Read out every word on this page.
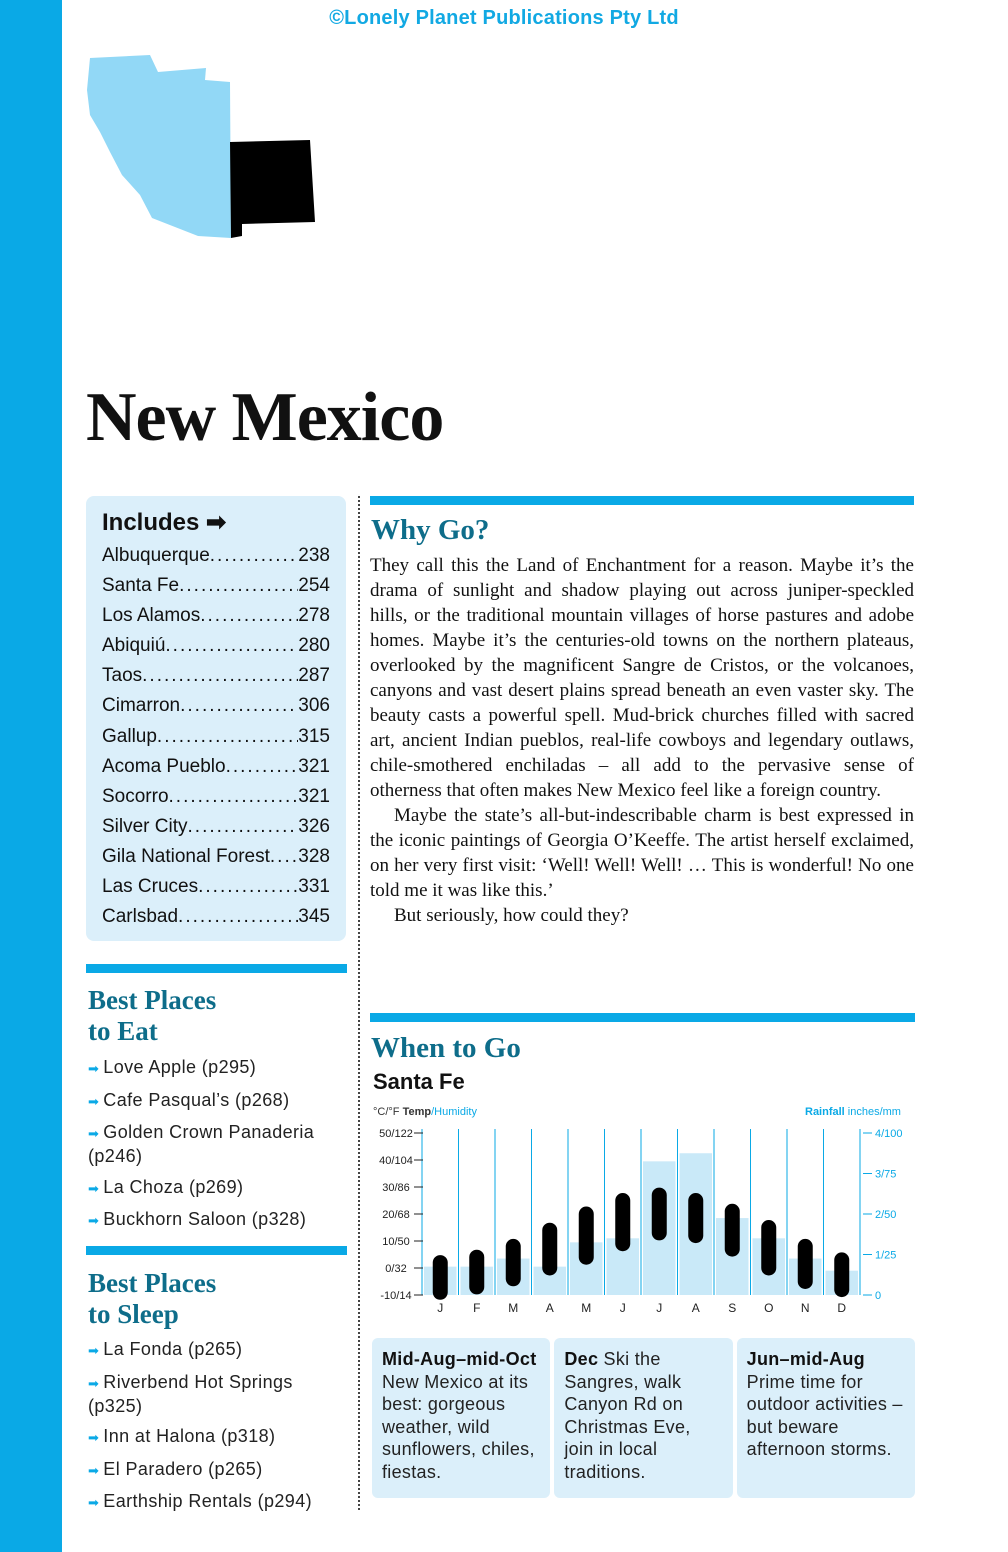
©Lonely Planet Publications Pty Ltd
New Mexico
Includes ➡
Albuquerque .....	238
Santa Fe .....	254
Los Alamos .....	278
Abiquiú .....	280
Taos .....	287
Cimarron .....	306
Gallup .....	315
Acoma Pueblo .....	321
Socorro .....	321
Silver City .....	326
Gila National Forest ..... 328
Las Cruces .....	331
Carlsbad .....	345
Best Places
to Eat
➡ Love Apple (p295)
➡ Cafe Pasqual’s (p268)
➡ Golden Crown Panaderia (p246)
➡ La Choza (p269)
➡ Buckhorn Saloon (p328)
Best Places
to Sleep
➡ La Fonda (p265)
➡ Riverbend Hot Springs (p325)
➡ Inn at Halona (p318)
➡ El Paradero (p265)
➡ Earthship Rentals (p294)
Why Go?

They call this the Land of Enchantment for a reason. Maybe it’s the drama of sunlight and shadow playing out across juniper-speckled hills, or the traditional mountain villages of horse pastures and adobe homes. Maybe it’s the centuries-old towns on the northern plateaus, overlooked by the magnificent Sangre de Cristos, or the volcanoes, canyons and vast desert plains spread beneath an even vaster sky. The beauty casts a powerful spell. Mud-brick churches filled with sacred art, ancient Indian pueblos, real-life cowboys and legendary outlaws, chile-smothered enchiladas – all add to the pervasive sense of otherness that often makes New Mexico feel like a foreign country.

Maybe the state’s all-but-indescribable charm is best expressed in the iconic paintings of Georgia O’Keeffe. The artist herself exclaimed, on her very first visit: ‘Well! Well! Well! … This is wonderful! No one told me it was like this.’

But seriously, how could they?

When to Go
Santa Fe
°C/°F Temp/Humidity	Rainfall inches/mm
50/122
40/104
30/86
20/68
10/50
0/32
-10/14
4/100
3/75
2/50
1/25
0
J F M A M J	J A S O N D
Mid-Aug–mid-Oct New Mexico at its best: gorgeous weather, wild sunflowers, chiles, fiestas.
Dec Ski the Sangres, walk Canyon Rd on Christmas Eve, join in local traditions.
Jun–mid-Aug Prime time for outdoor activities – but beware afternoon storms.
